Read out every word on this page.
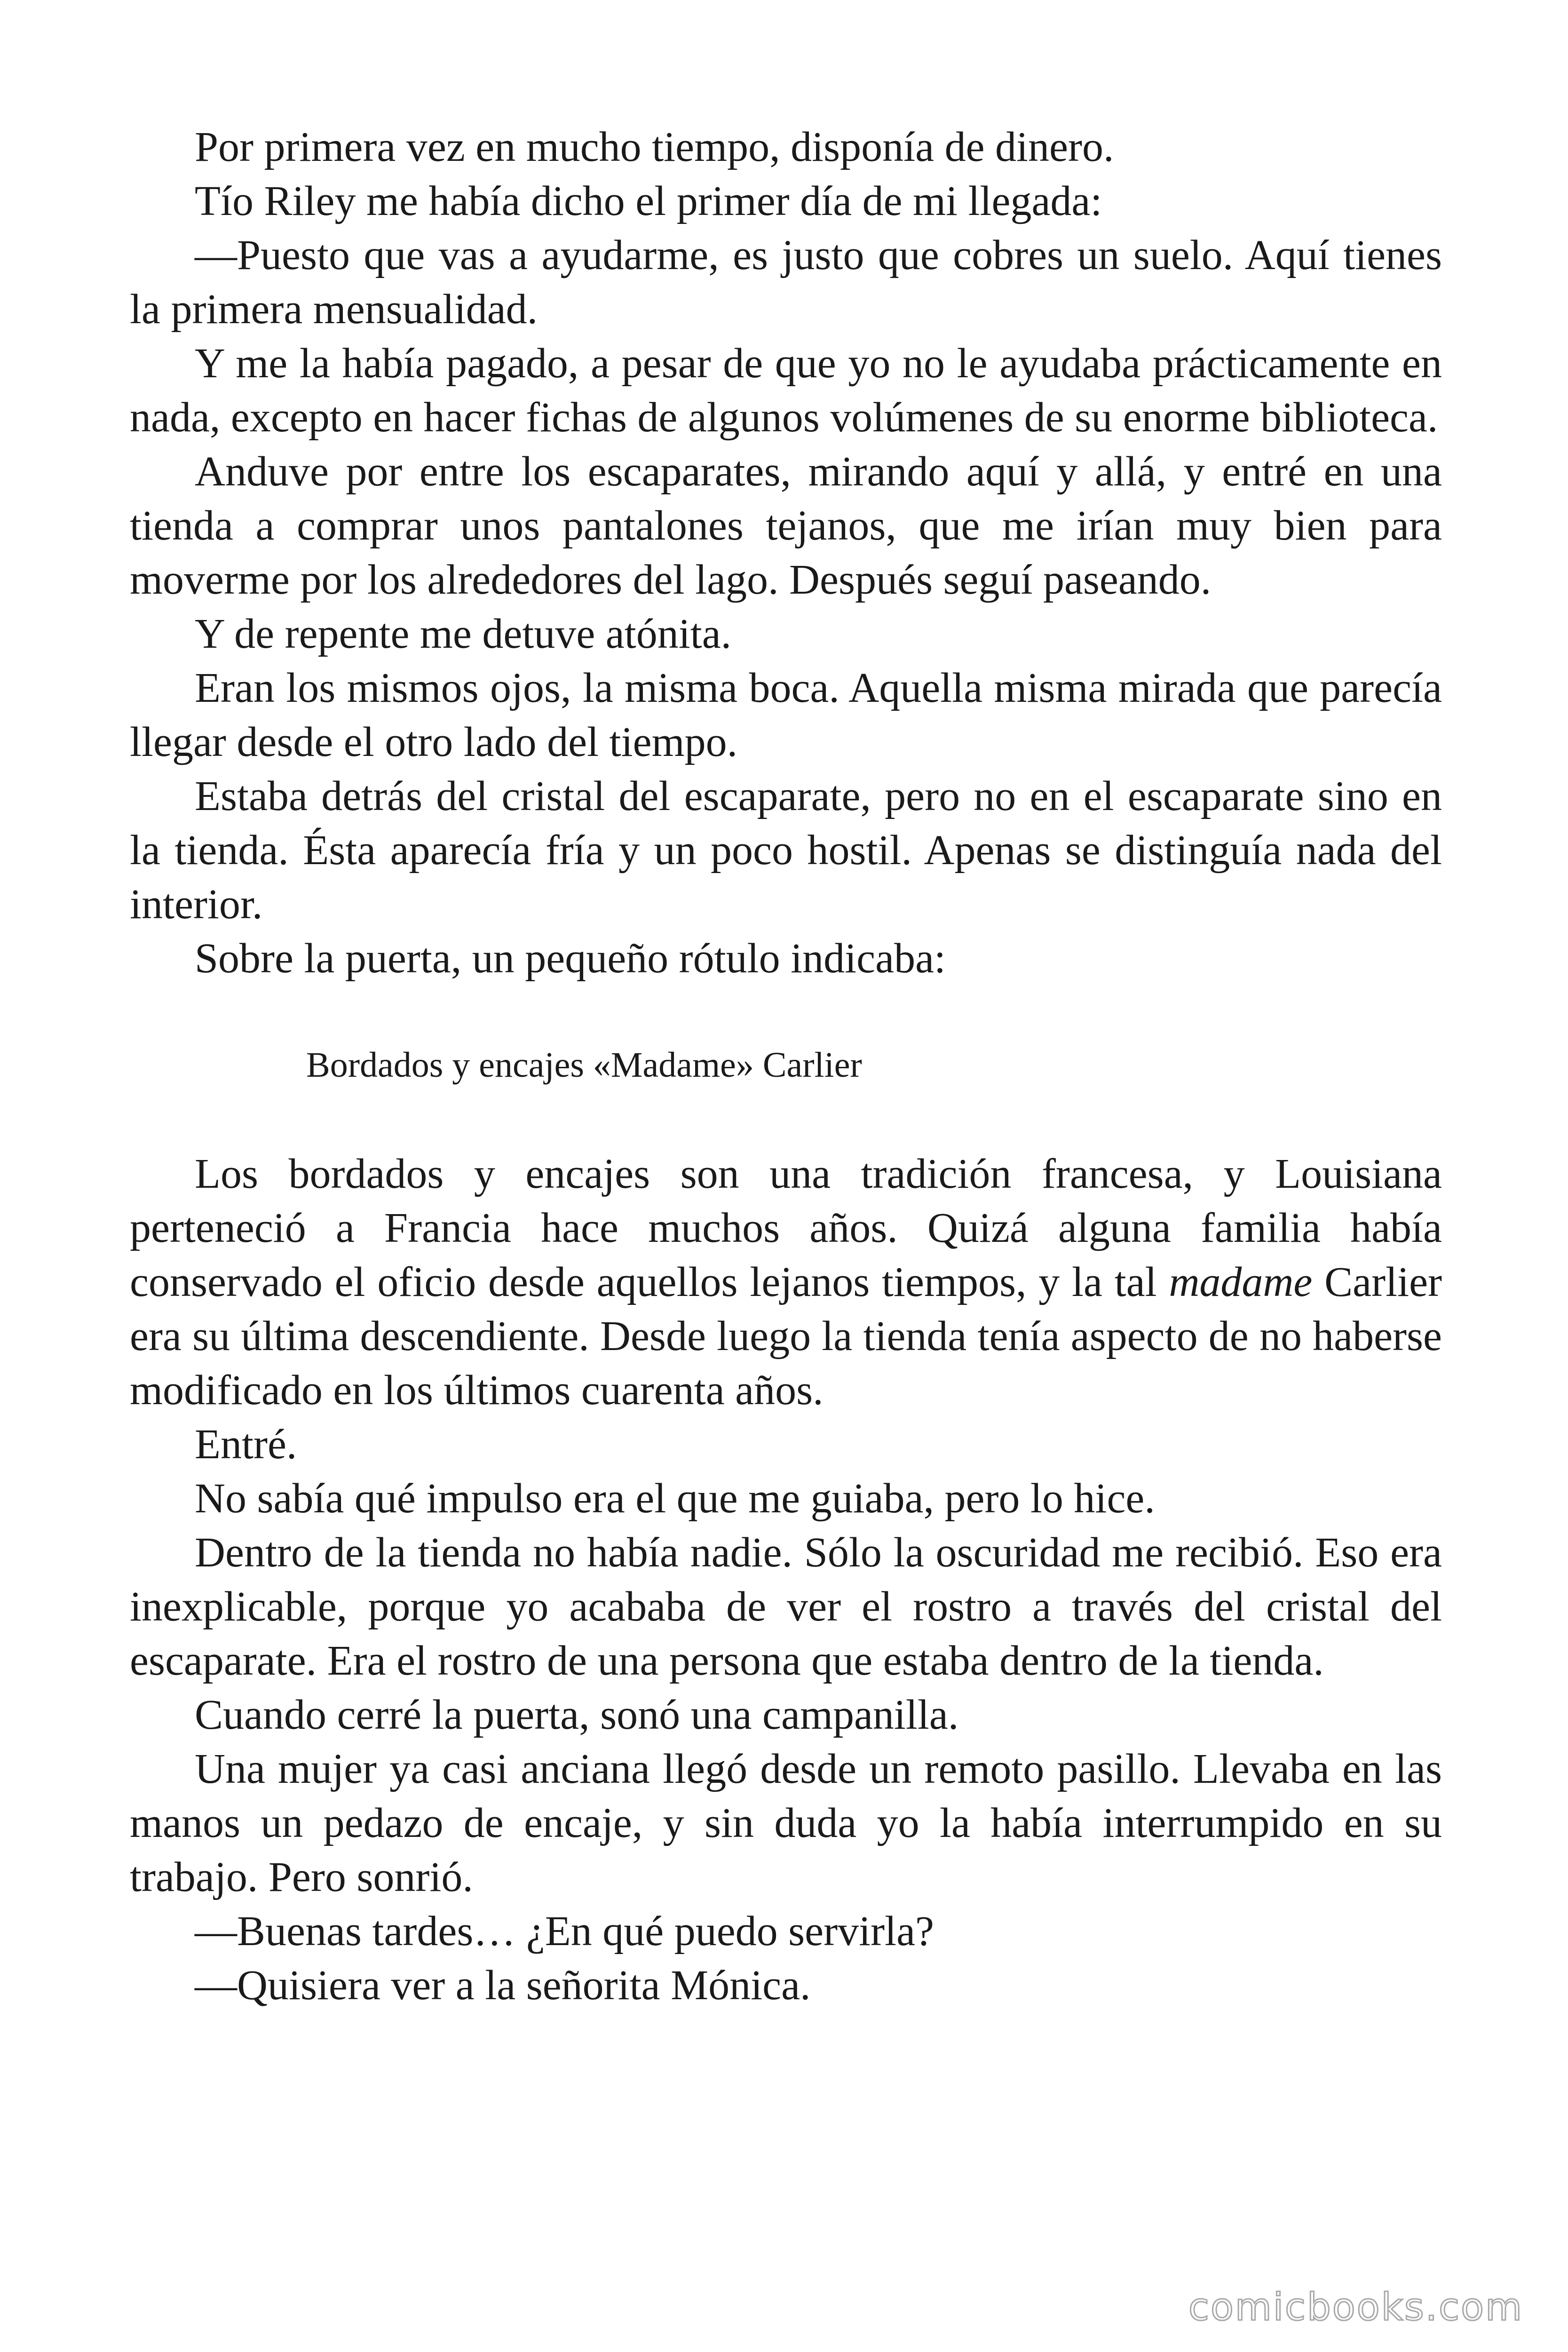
Por primera vez en mucho tiempo, disponía de dinero.

Tío Riley me había dicho el primer día de mi llegada:

—Puesto que vas a ayudarme, es justo que cobres un suelo. Aquí tienes la primera mensualidad.

Y me la había pagado, a pesar de que yo no le ayudaba prácticamente en nada, excepto en hacer fichas de algunos volúmenes de su enorme biblioteca.

Anduve por entre los escaparates, mirando aquí y allá, y entré en una tienda a comprar unos pantalones tejanos, que me irían muy bien para moverme por los alrededores del lago. Después seguí paseando.

Y de repente me detuve atónita.

Eran los mismos ojos, la misma boca. Aquella misma mirada que parecía llegar desde el otro lado del tiempo.

Estaba detrás del cristal del escaparate, pero no en el escaparate sino en la tienda. Ésta aparecía fría y un poco hostil. Apenas se distinguía nada del interior.

Sobre la puerta, un pequeño rótulo indicaba:

Bordados y encajes «Madame» Carlier

Los bordados y encajes son una tradición francesa, y Louisiana perteneció a Francia hace muchos años. Quizá alguna familia había conservado el oficio desde aquellos lejanos tiempos, y la tal madame Carlier era su última descendiente. Desde luego la tienda tenía aspecto de no haberse modificado en los últimos cuarenta años.

Entré.

No sabía qué impulso era el que me guiaba, pero lo hice.

Dentro de la tienda no había nadie. Sólo la oscuridad me recibió. Eso era inexplicable, porque yo acababa de ver el rostro a través del cristal del escaparate. Era el rostro de una persona que estaba dentro de la tienda.

Cuando cerré la puerta, sonó una campanilla.

Una mujer ya casi anciana llegó desde un remoto pasillo. Llevaba en las manos un pedazo de encaje, y sin duda yo la había interrumpido en su trabajo. Pero sonrió.

—Buenas tardes… ¿En qué puedo servirla?

—Quisiera ver a la señorita Mónica.

comicbooks.com
